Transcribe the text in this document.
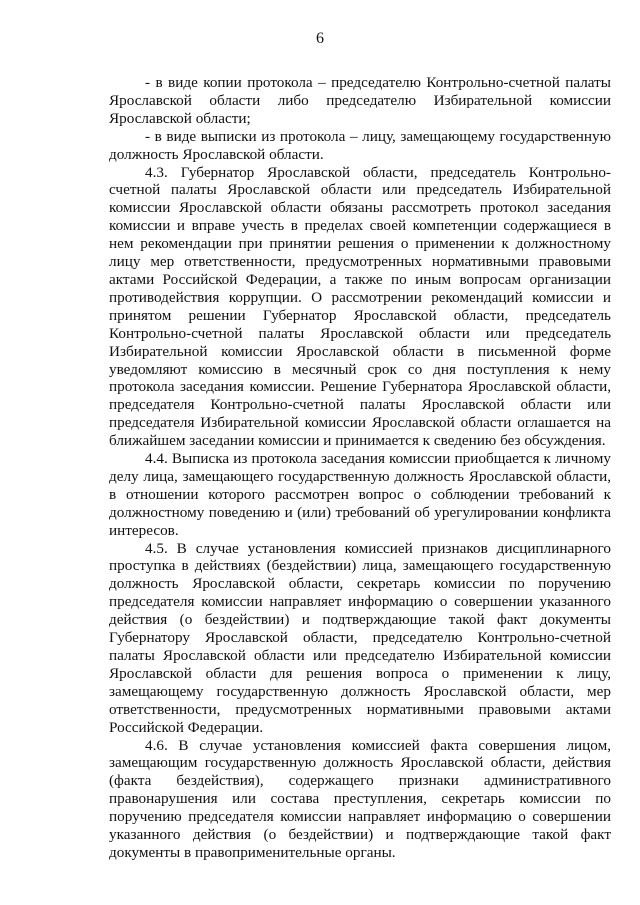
6

- в виде копии протокола – председателю Контрольно-счетной палаты Ярославской области либо председателю Избирательной комиссии Ярославской области;

- в виде выписки из протокола – лицу, замещающему государственную должность Ярославской области.

4.3. Губернатор Ярославской области, председатель Контрольно-счетной палаты Ярославской области или председатель Избирательной комиссии Ярославской области обязаны рассмотреть протокол заседания комиссии и вправе учесть в пределах своей компетенции содержащиеся в нем рекомендации при принятии решения о применении к должностному лицу мер ответственности, предусмотренных нормативными правовыми актами Российской Федерации, а также по иным вопросам организации противодействия коррупции. О рассмотрении рекомендаций комиссии и принятом решении Губернатор Ярославской области, председатель Контрольно-счетной палаты Ярославской области или председатель Избирательной комиссии Ярославской области в письменной форме уведомляют комиссию в месячный срок со дня поступления к нему протокола заседания комиссии. Решение Губернатора Ярославской области, председателя Контрольно-счетной палаты Ярославской области или председателя Избирательной комиссии Ярославской области оглашается на ближайшем заседании комиссии и принимается к сведению без обсуждения.

4.4. Выписка из протокола заседания комиссии приобщается к личному делу лица, замещающего государственную должность Ярославской области, в отношении которого рассмотрен вопрос о соблюдении требований к должностному поведению и (или) требований об урегулировании конфликта интересов.

4.5. В случае установления комиссией признаков дисциплинарного проступка в действиях (бездействии) лица, замещающего государственную должность Ярославской области, секретарь комиссии по поручению председателя комиссии направляет информацию о совершении указанного действия (о бездействии) и подтверждающие такой факт документы Губернатору Ярославской области, председателю Контрольно-счетной палаты Ярославской области или председателю Избирательной комиссии Ярославской области для решения вопроса о применении к лицу, замещающему государственную должность Ярославской области, мер ответственности, предусмотренных нормативными правовыми актами Российской Федерации.

4.6. В случае установления комиссией факта совершения лицом, замещающим государственную должность Ярославской области, действия (факта бездействия), содержащего признаки административного правонарушения или состава преступления, секретарь комиссии по поручению председателя комиссии направляет информацию о совершении указанного действия (о бездействии) и подтверждающие такой факт документы в правоприменительные органы.
